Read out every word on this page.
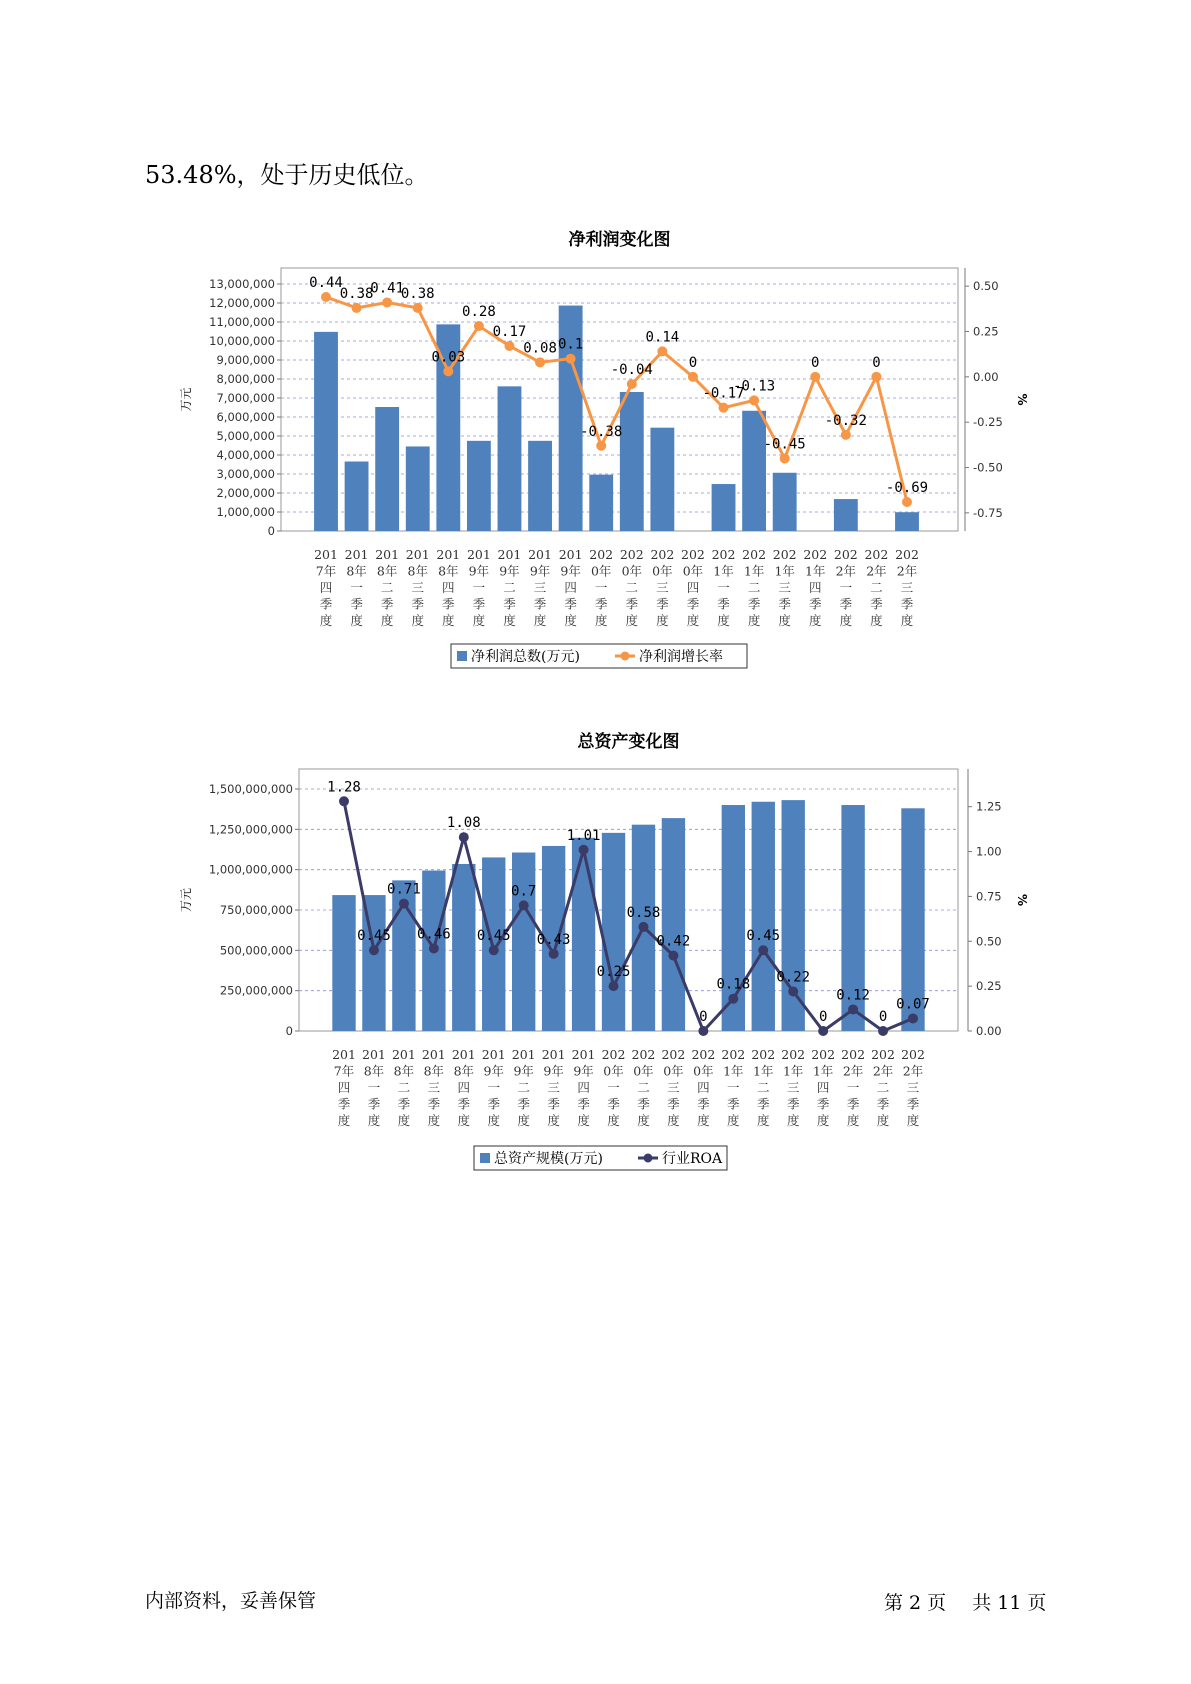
53.48%，处于历史低位。
净利润变化图
13,000,000
12,000,000
11,000,000
10,000,000
9,000,000
8,000,000
7,000,000
6,000,000
5,000,000
4,000,000
3,000,000
2,000,000
1,000,000
0
0.50
0.25
0.00
-0.25
-0.50
-0.75
万元	%
201 7年四季度
201 8年一季度
201 8年二季度
201 8年三季度
201 8年四季度
201 9年一季度
201 9年二季度
201 9年三季度
201 9年四季度
202 0年一季度
202 0年二季度
202 0年三季度
202 0年四季度
202 1年一季度
202 1年二季度
202 1年三季度
202 1年四季度
202 2年一季度
202 2年二季度
202 2年三季度
0.44
0.38
0.41
0.38
0.03
0.28
0.17
0.08 0.1
-0.38
-0.04
0.14
0
-0.17
-0.13
-0.45
0
-0.32
0
-0.69
净利润总数(万元)	净利润增长率
总资产变化图
1,500,000,000
1,250,000,000
1,000,000,000
750,000,000
500,000,000
250,000,000
0
1.25
1.00
0.75
0.50
0.25
0.00
万元	%
201 7年四季度
201 8年一季度
201 8年二季度
201 8年三季度
201 8年四季度
201 9年一季度
201 9年二季度
201 9年三季度
201 9年四季度
202 0年一季度
202 0年二季度
202 0年三季度
202 0年四季度
202 1年一季度
202 1年二季度
202 1年三季度
202 1年四季度
202 2年一季度
202 2年二季度
202 2年三季度
1.28
0.45
0.71
0.46
1.08
0.45
0.7
0.43
1.01
0.25
0.58
0.42
0
0.18
0.45
0.22
0
0.12
0
0.07
总资产规模(万元)	行业ROA
内部资料，妥善保管	第 2 页 共 11 页
